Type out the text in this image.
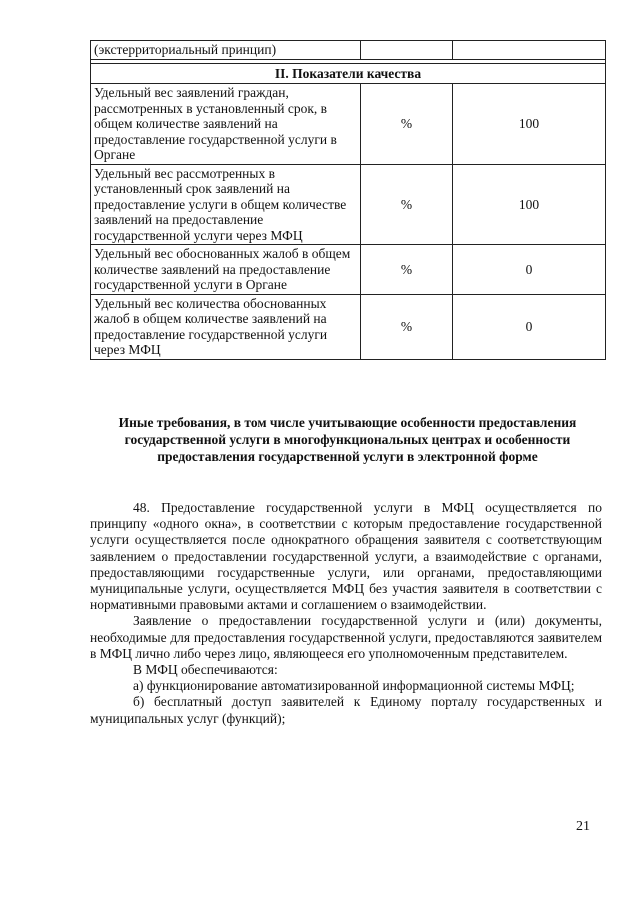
(экстерриториальный принцип)		

II. Показатели качества		
Удельный вес заявлений граждан, рассмотренных в установленный срок, в общем количестве заявлений на предоставление государственной услуги в Органе	%	100
Удельный вес рассмотренных в установленный срок заявлений на предоставление услуги в общем количестве заявлений на предоставление государственной услуги через МФЦ	%	100
Удельный вес обоснованных жалоб в общем количестве заявлений на предоставление государственной услуги в Органе	%	0
Удельный вес количества обоснованных жалоб в общем количестве заявлений на предоставление государственной услуги через МФЦ	%	0
Иные требования, в том числе учитывающие особенности предоставления государственной услуги в многофункциональных центрах и особенности предоставления государственной услуги в электронной форме

48. Предоставление государственной услуги в МФЦ осуществляется по принципу «одного окна», в соответствии с которым предоставление государственной услуги осуществляется после однократного обращения заявителя с соответствующим заявлением о предоставлении государственной услуги, а взаимодействие с органами, предоставляющими государственные услуги, или органами, предоставляющими муниципальные услуги, осуществляется МФЦ без участия заявителя в соответствии с нормативными правовыми актами и соглашением о взаимодействии.

Заявление о предоставлении государственной услуги и (или) документы, необходимые для предоставления государственной услуги, предоставляются заявителем в МФЦ лично либо через лицо, являющееся его уполномоченным представителем.

В МФЦ обеспечиваются:

а) функционирование автоматизированной информационной системы МФЦ;

б) бесплатный доступ заявителей к Единому порталу государственных и муниципальных услуг (функций);

21
